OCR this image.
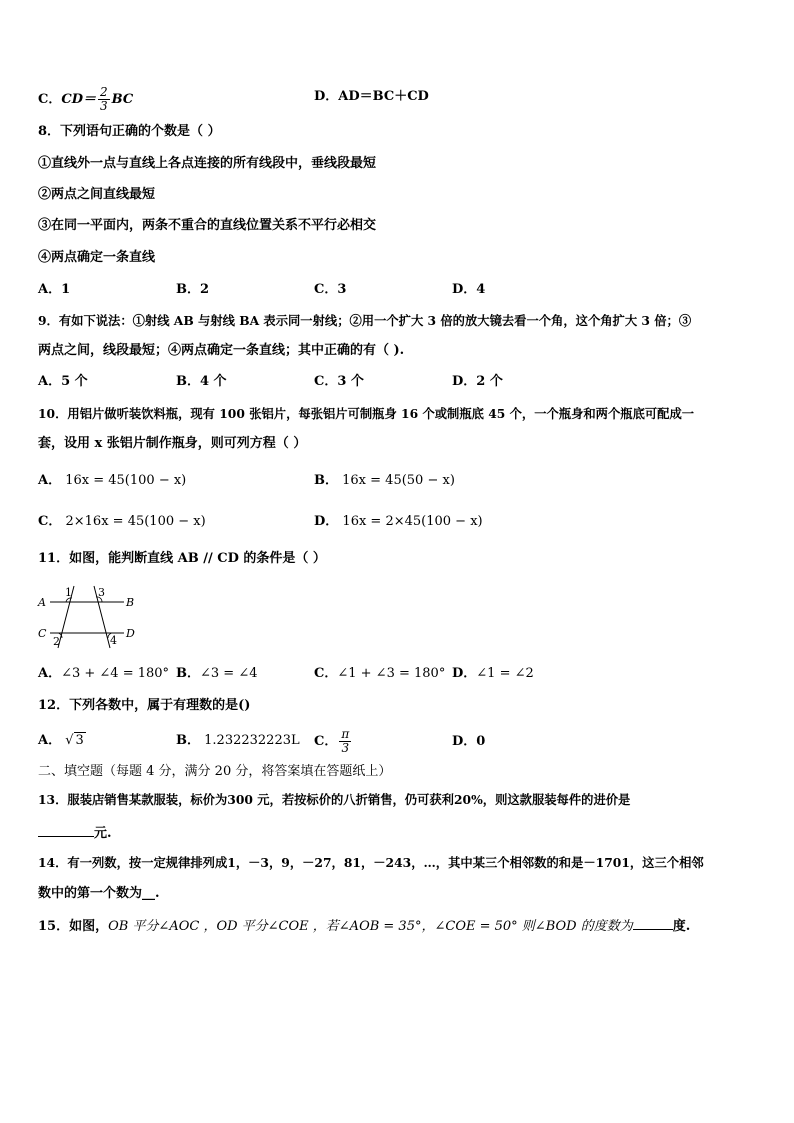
C．$CD= \frac{2}{3}$ BC	D．AD＝BC＋CD
8．下列语句正确的个数是（ ）
①直线外一点与直线上各点连接的所有线段中，垂线段最短
②两点之间直线最短
③在同一平面内，两条不重合的直线位置关系不平行必相交
④两点确定一条直线
A．1	B．2	C．3	D．4
9．有如下说法：①射线 AB 与射线 BA 表示同一射线；②用一个扩大 3 倍的放大镜去看一个角，这个角扩大 3 倍；③
两点之间，线段最短；④两点确定一条直线；其中正确的有（ ).
A．5 个	B．4 个	C．3 个	D．2 个
10．用铝片做听装饮料瓶，现有 100 张铝片，每张铝片可制瓶身 16 个或制瓶底 45 个，一个瓶身和两个瓶底可配成一
套，设用 x 张铝片制作瓶身，则可列方程（ ）
A． 16x = 45(100 − x)	B． 16x = 45(50 − x)
C． 2×16x = 45(100 − x)	D． 16x = 2×45(100 − x)
11．如图，能判断直线 AB // CD 的条件是（ ）
A	B
C	D
1
2
3
4
A．∠3 + ∠4 = 180° B．∠3 = ∠4	C．∠1 + ∠3 = 180° D．∠1 = ∠2
12．下列各数中，属于有理数的是()
A． √ 3	B． 1.232232223L C． $\frac{\pi}{3}$	D．0
二、填空题（每题 4 分，满分 20 分，将答案填在答题纸上）
13．服装店销售某款服装，标价为300 元，若按标价的八折销售，仍可获利20%，则这款服装每件的进价是
元.
14．有一列数，按一定规律排列成1，－3，9，－27，81，－243，…，其中某三个相邻数的和是－1701，这三个相邻
数中的第一个数为__.
15．如图，OB 平分∠AOC ，OD 平分∠COE ，若∠AOB = 35°，∠COE = 50° 则∠BOD 的度数为	度.
